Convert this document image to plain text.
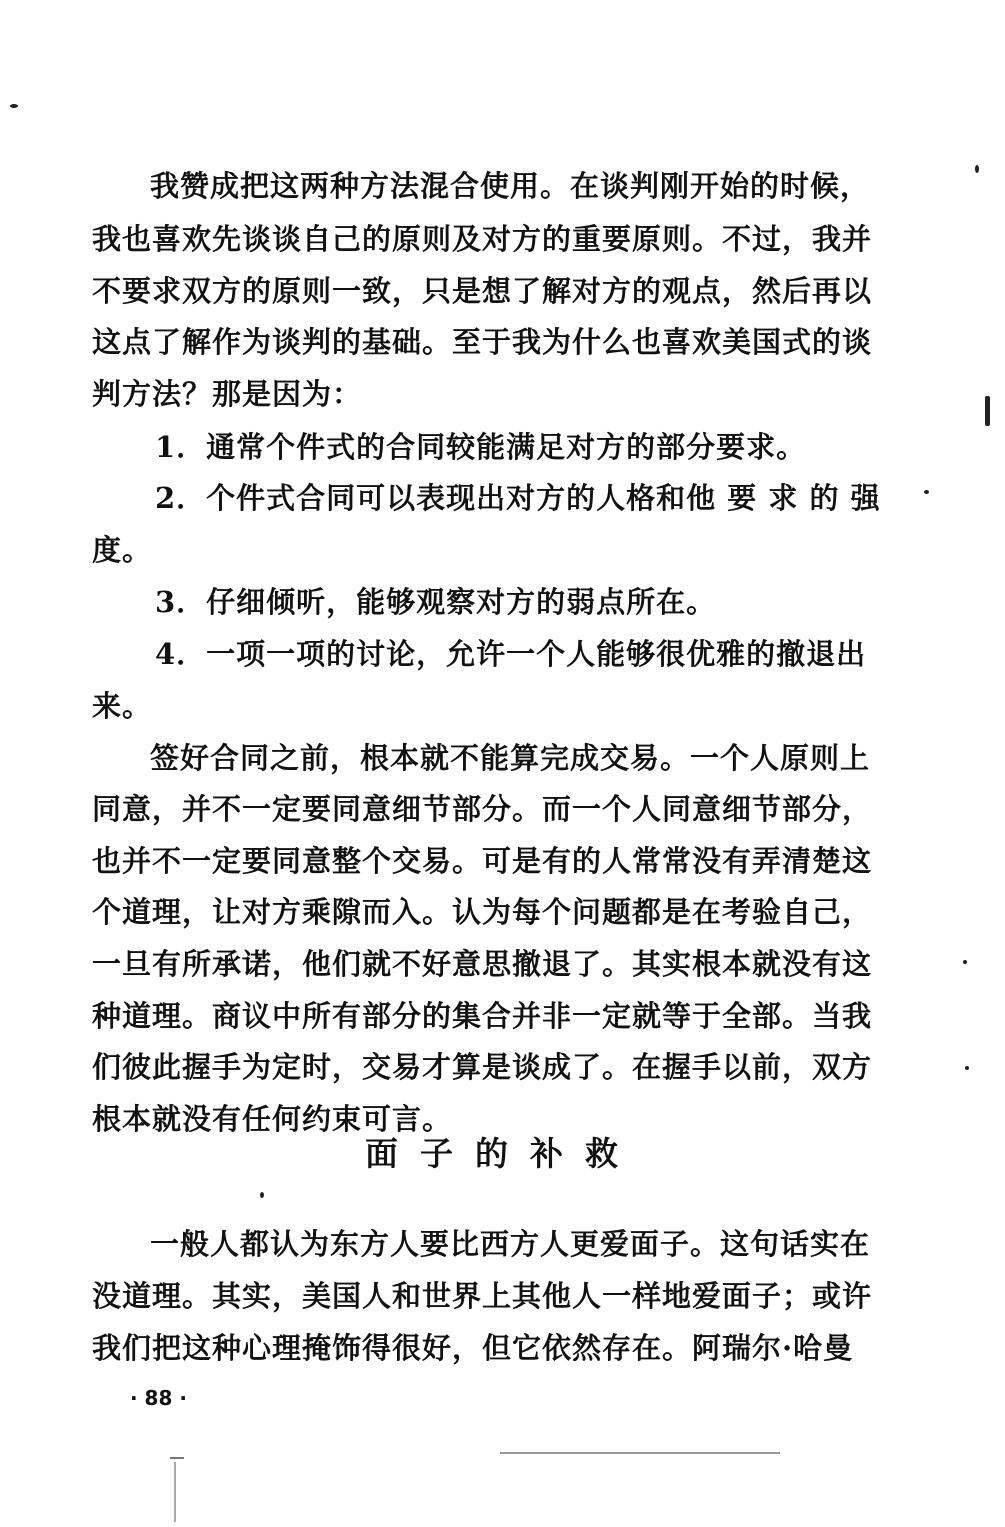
我赞成把这两种方法混合使用。在谈判刚开始的时候，
我也喜欢先谈谈自己的原则及对方的重要原则。不过，我并
不要求双方的原则一致，只是想了解对方的观点，然后再以
这点了解作为谈判的基础。至于我为什么也喜欢美国式的谈
判方法？那是因为：
1．通常个件式的合同较能满足对方的部分要求。
2．个件式合同可以表现出对方的人格和他 要 求 的 强
度。
3．仔细倾听，能够观察对方的弱点所在。
4．一项一项的讨论，允许一个人能够很优雅的撤退出
来。
签好合同之前，根本就不能算完成交易。一个人原则上
同意，并不一定要同意细节部分。而一个人同意细节部分，
也并不一定要同意整个交易。可是有的人常常没有弄清楚这
个道理，让对方乘隙而入。认为每个问题都是在考验自己，
一旦有所承诺，他们就不好意思撤退了。其实根本就没有这
种道理。商议中所有部分的集合并非一定就等于全部。当我
们彼此握手为定时，交易才算是谈成了。在握手以前，双方
根本就没有任何约束可言。
面子的补救
一般人都认为东方人要比西方人更爱面子。这句话实在
没道理。其实，美国人和世界上其他人一样地爱面子；或许
我们把这种心理掩饰得很好，但它依然存在。阿瑞尔·哈曼
· 88 ·
